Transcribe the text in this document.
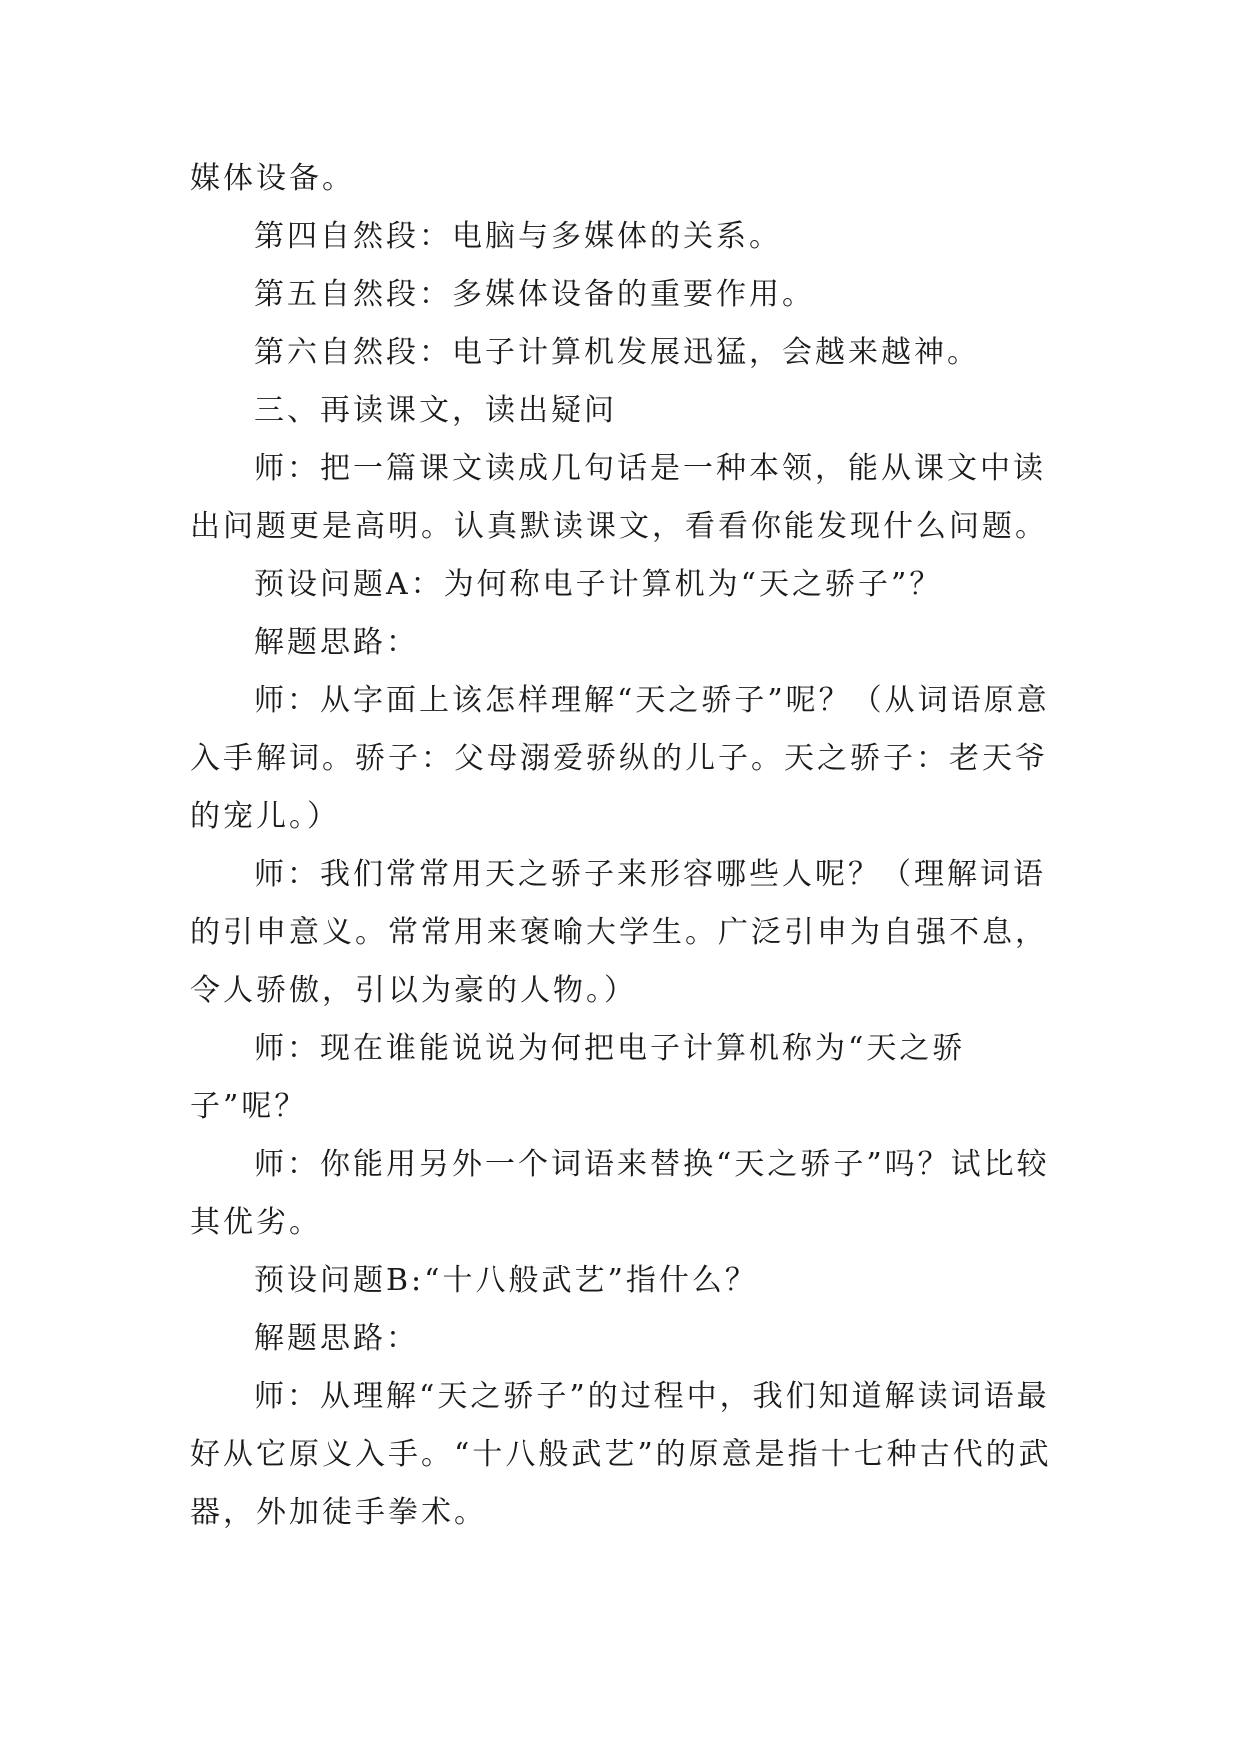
媒体设备。

第四自然段：电脑与多媒体的关系。

第五自然段：多媒体设备的重要作用。

第六自然段：电子计算机发展迅猛，会越来越神。

三、再读课文，读出疑问

师：把一篇课文读成几句话是一种本领，能从课文中读出问题更是高明。认真默读课文，看看你能发现什么问题。

预设问题A：为何称电子计算机为“天之骄子”？

解题思路：

师：从字面上该怎样理解“天之骄子”呢？（从词语原意入手解词。骄子：父母溺爱骄纵的儿子。天之骄子：老天爷的宠儿。）

师：我们常常用天之骄子来形容哪些人呢？（理解词语的引申意义。常常用来褒喻大学生。广泛引申为自强不息，令人骄傲，引以为豪的人物。）

师：现在谁能说说为何把电子计算机称为“天之骄子”呢？

师：你能用另外一个词语来替换“天之骄子”吗？试比较其优劣。

预设问题B:“十八般武艺”指什么？

解题思路：

师：从理解“天之骄子”的过程中，我们知道解读词语最好从它原义入手。“十八般武艺”的原意是指十七种古代的武器，外加徒手拳术。
